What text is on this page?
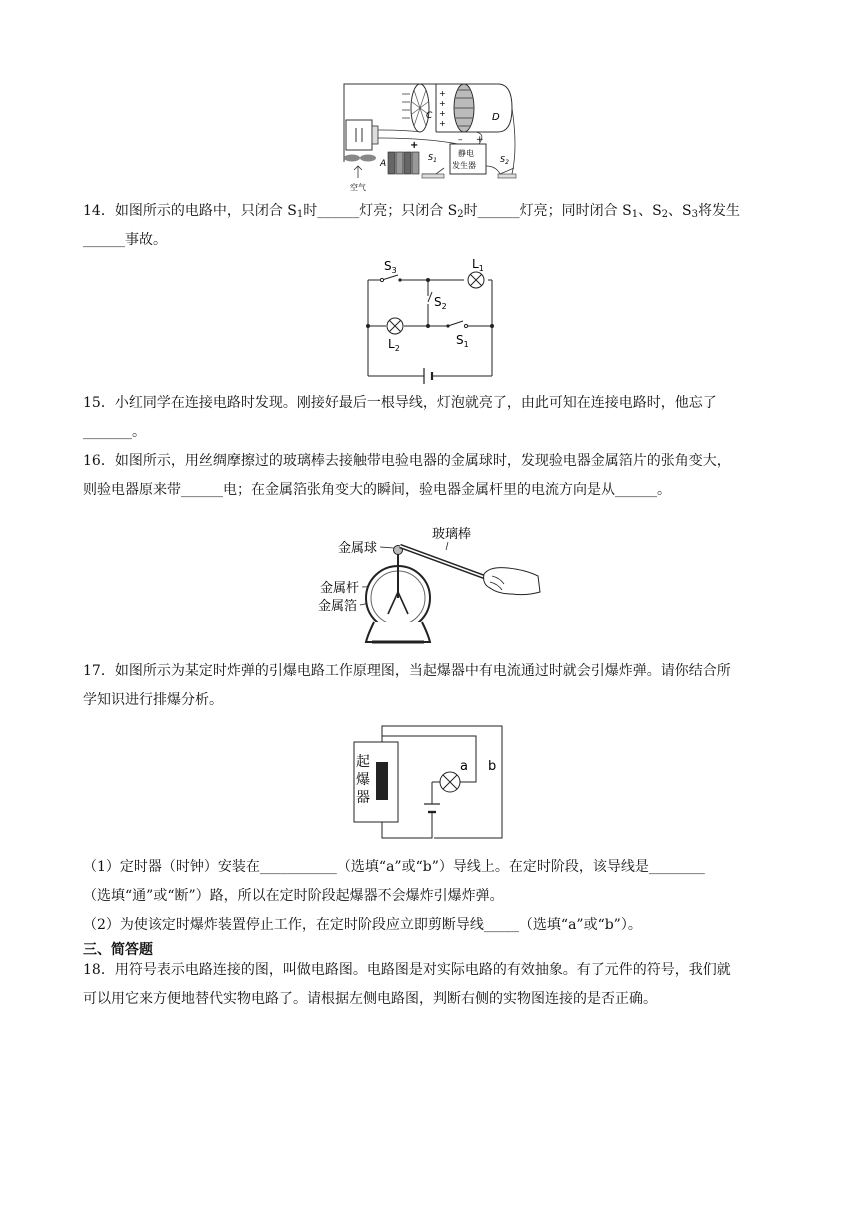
+
+
+
+
C	D
空气
A
+
$S_1$
静电
发生器
– +
$S_2$

14．如图所示的电路中，只闭合 $S_1$时______灯亮；只闭合 $S_2$时______灯亮；同时闭合 $S_1$、$S_2$、$S_3$将发生
______事故。

$S_3$	$L_1$
$S_2$
$L_2$
$S_1$

15．小红同学在连接电路时发现。刚接好最后一根导线，灯泡就亮了，由此可知在连接电路时，他忘了
_______。

16．如图所示，用丝绸摩擦过的玻璃棒去接触带电验电器的金属球时，发现验电器金属箔片的张角变大，
则验电器原来带______电；在金属箔张角变大的瞬间，验电器金属杆里的电流方向是从______。

金属球
玻璃棒
金属杆
金属箔

17．如图所示为某定时炸弹的引爆电路工作原理图，当起爆器中有电流通过时就会引爆炸弹。请你结合所
学知识进行排爆分析。

起
爆
器
a b

（1）定时器（时钟）安装在___________（选填“a”或“b”）导线上。在定时阶段，该导线是________
（选填“通”或“断”）路，所以在定时阶段起爆器不会爆炸引爆炸弹。

（2）为使该定时爆炸装置停止工作，在定时阶段应立即剪断导线_____（选填“a”或“b”）。

三、简答题

18．用符号表示电路连接的图，叫做电路图。电路图是对实际电路的有效抽象。有了元件的符号，我们就
可以用它来方便地替代实物电路了。请根据左侧电路图，判断右侧的实物图连接的是否正确。
